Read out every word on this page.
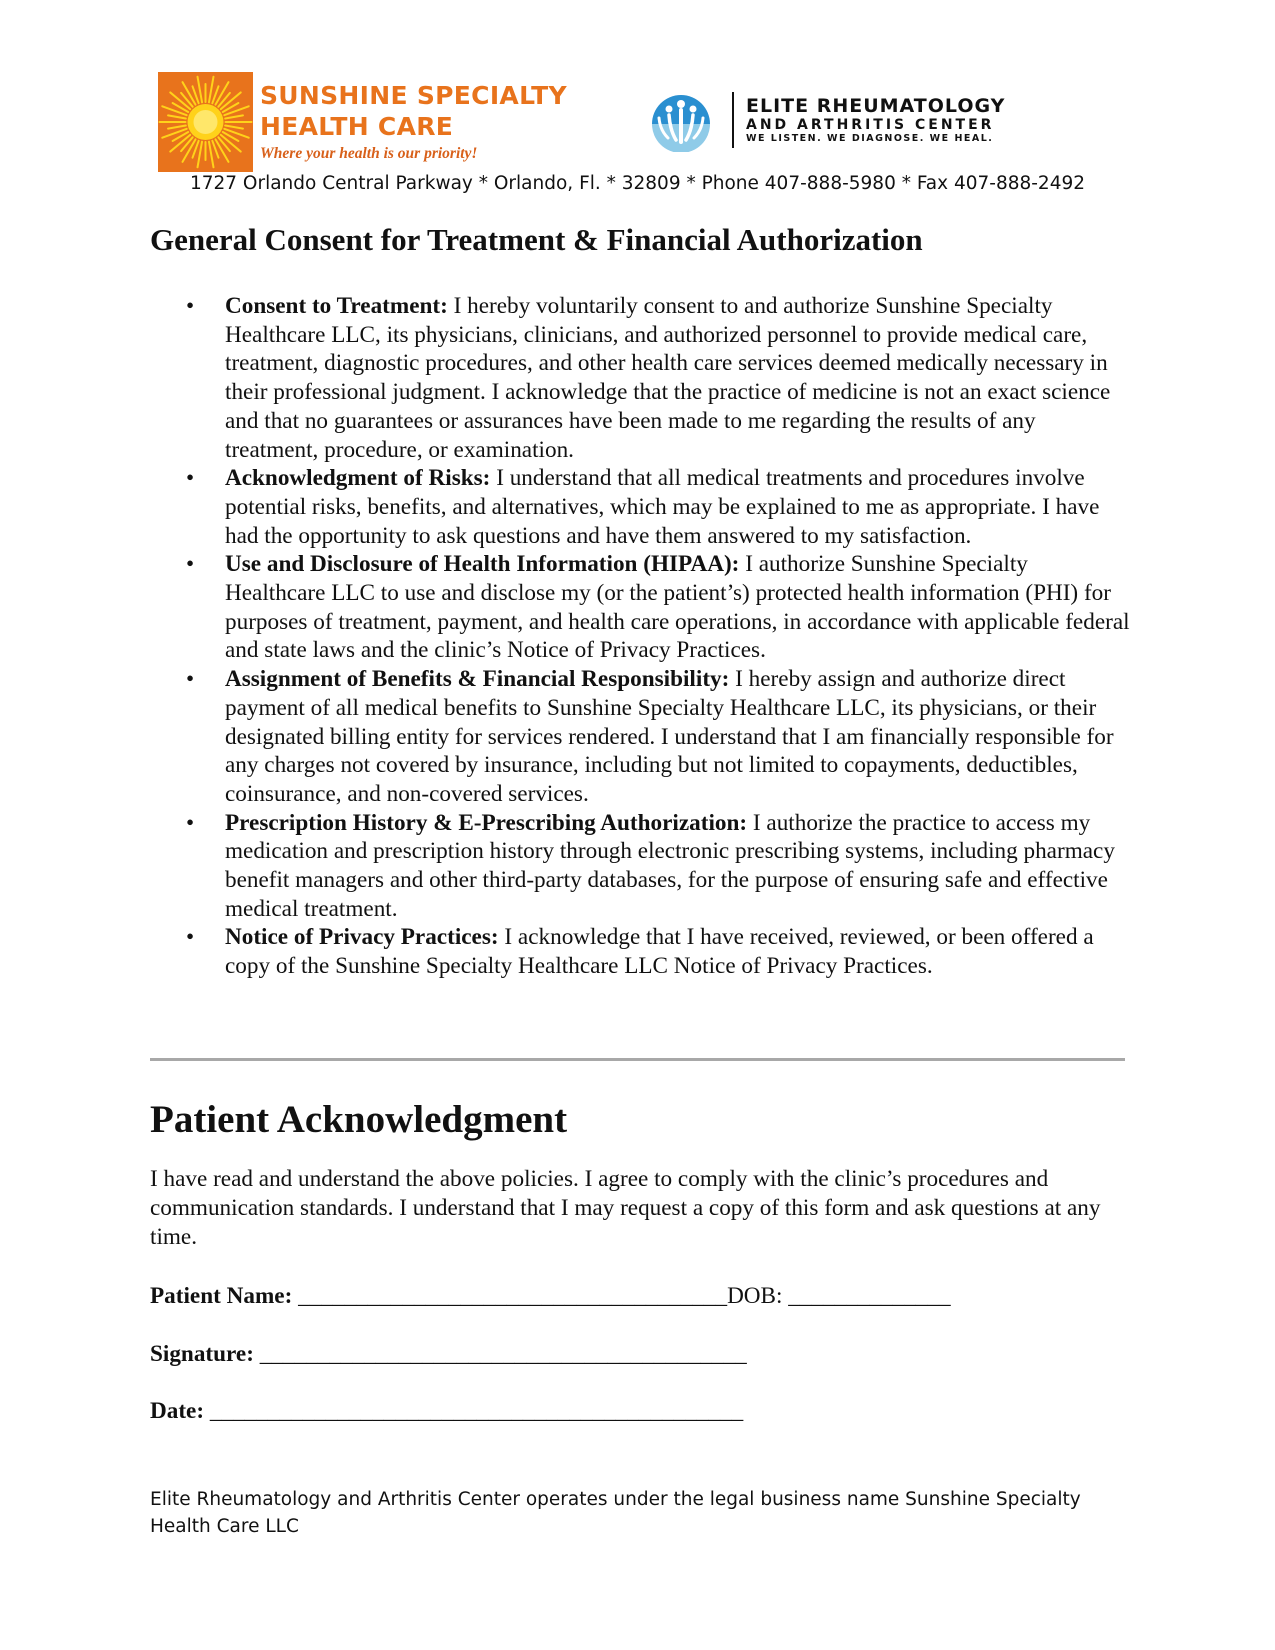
SUNSHINE SPECIALTY
HEALTH CARE
Where your health is our priority!
ELITE RHEUMATOLOGY
AND ARTHRITIS CENTER
WE LISTEN. WE DIAGNOSE. WE HEAL.
1727 Orlando Central Parkway * Orlando, Fl. * 32809 * Phone 407-888-5980 * Fax 407-888-2492
General Consent for Treatment & Financial Authorization
• Consent to Treatment: I hereby voluntarily consent to and authorize Sunshine Specialty Healthcare LLC, its physicians, clinicians, and authorized personnel to provide medical care, treatment, diagnostic procedures, and other health care services deemed medically necessary in their professional judgment. I acknowledge that the practice of medicine is not an exact science and that no guarantees or assurances have been made to me regarding the results of any treatment, procedure, or examination.
• Acknowledgment of Risks: I understand that all medical treatments and procedures involve potential risks, benefits, and alternatives, which may be explained to me as appropriate. I have had the opportunity to ask questions and have them answered to my satisfaction.
• Use and Disclosure of Health Information (HIPAA): I authorize Sunshine Specialty Healthcare LLC to use and disclose my (or the patient’s) protected health information (PHI) for purposes of treatment, payment, and health care operations, in accordance with applicable federal and state laws and the clinic’s Notice of Privacy Practices.
• Assignment of Benefits & Financial Responsibility: I hereby assign and authorize direct payment of all medical benefits to Sunshine Specialty Healthcare LLC, its physicians, or their designated billing entity for services rendered. I understand that I am financially responsible for any charges not covered by insurance, including but not limited to copayments, deductibles, coinsurance, and non-covered services.
• Prescription History & E-Prescribing Authorization: I authorize the practice to access my medication and prescription history through electronic prescribing systems, including pharmacy benefit managers and other third-party databases, for the purpose of ensuring safe and effective medical treatment.
• Notice of Privacy Practices: I acknowledge that I have received, reviewed, or been offered a copy of the Sunshine Specialty Healthcare LLC Notice of Privacy Practices.
Patient Acknowledgment

I have read and understand the above policies. I agree to comply with the clinic’s procedures and communication standards. I understand that I may request a copy of this form and ask questions at any time.

Patient Name: _____________________________________DOB: ______________
Signature: __________________________________________
Date: ______________________________________________
Elite Rheumatology and Arthritis Center operates under the legal business name Sunshine Specialty Health Care LLC
